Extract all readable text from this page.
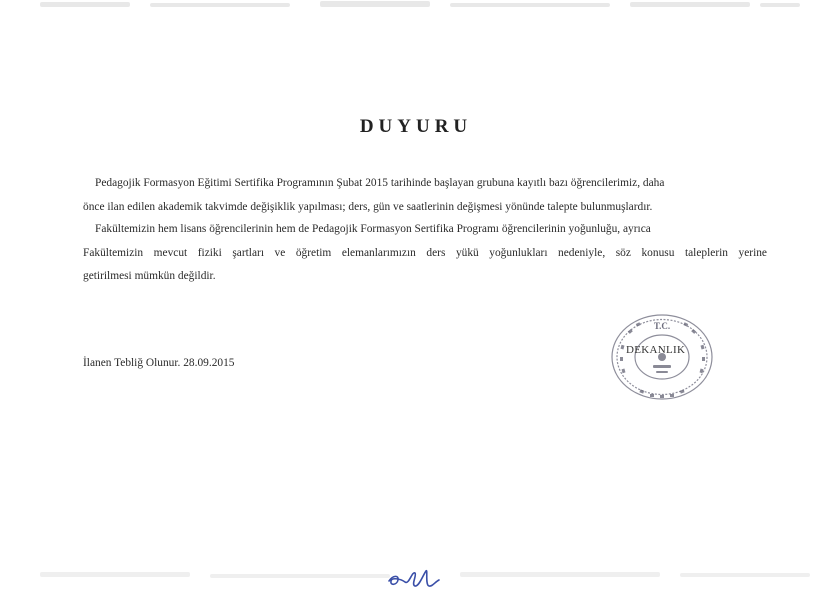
DUYURU
Pedagojik Formasyon Eğitimi Sertifika Programının Şubat 2015 tarihinde başlayan grubuna kayıtlı bazı öğrencilerimiz, daha
önce ilan edilen akademik takvimde değişiklik yapılması; ders, gün ve saatlerinin değişmesi yönünde talepte bulunmuşlardır.
Fakültemizin hem lisans öğrencilerinin hem de Pedagojik Formasyon Sertifika Programı öğrencilerinin yoğunluğu, ayrıca
Fakültemizin mevcut fiziki şartları ve öğretim elemanlarımızın ders yükü yoğunlukları nedeniyle, söz konusu taleplerin yerine
getirilmesi mümkün değildir.
İlanen Tebliğ Olunur. 28.09.2015
T.C.
DEKANLIK
